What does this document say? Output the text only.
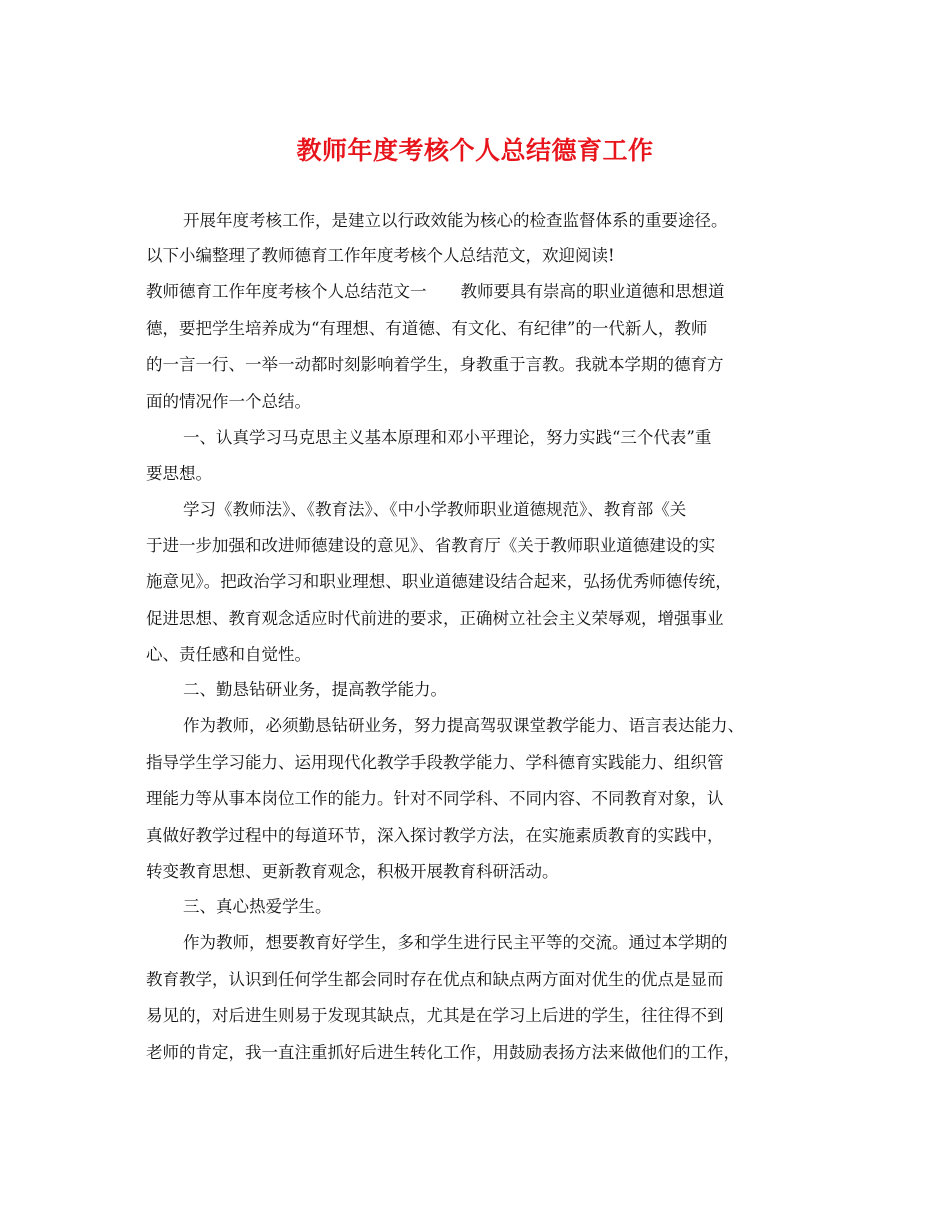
教师年度考核个人总结德育工作
开展年度考核工作，是建立以行政效能为核心的检查监督体系的重要途径。
以下小编整理了教师德育工作年度考核个人总结范文，欢迎阅读!
教师德育工作年度考核个人总结范文一 教师要具有崇高的职业道德和思想道
德，要把学生培养成为“有理想、有道德、有文化、有纪律”的一代新人，教师
的一言一行、一举一动都时刻影响着学生，身教重于言教。我就本学期的德育方
面的情况作一个总结。
一、认真学习马克思主义基本原理和邓小平理论，努力实践“三个代表”重
要思想。
学习《教师法》、《教育法》、《中小学教师职业道德规范》、教育部《关
于进一步加强和改进师德建设的意见》、省教育厅《关于教师职业道德建设的实
施意见》。把政治学习和职业理想、职业道德建设结合起来，弘扬优秀师德传统，
促进思想、教育观念适应时代前进的要求，正确树立社会主义荣辱观，增强事业
心、责任感和自觉性。
二、勤恳钻研业务，提高教学能力。
作为教师，必须勤恳钻研业务，努力提高驾驭课堂教学能力、语言表达能力、
指导学生学习能力、运用现代化教学手段教学能力、学科德育实践能力、组织管
理能力等从事本岗位工作的能力。针对不同学科、不同内容、不同教育对象，认
真做好教学过程中的每道环节，深入探讨教学方法，在实施素质教育的实践中，
转变教育思想、更新教育观念，积极开展教育科研活动。
三、真心热爱学生。
作为教师，想要教育好学生，多和学生进行民主平等的交流。通过本学期的
教育教学，认识到任何学生都会同时存在优点和缺点两方面对优生的优点是显而
易见的，对后进生则易于发现其缺点，尤其是在学习上后进的学生，往往得不到
老师的肯定，我一直注重抓好后进生转化工作，用鼓励表扬方法来做他们的工作，
